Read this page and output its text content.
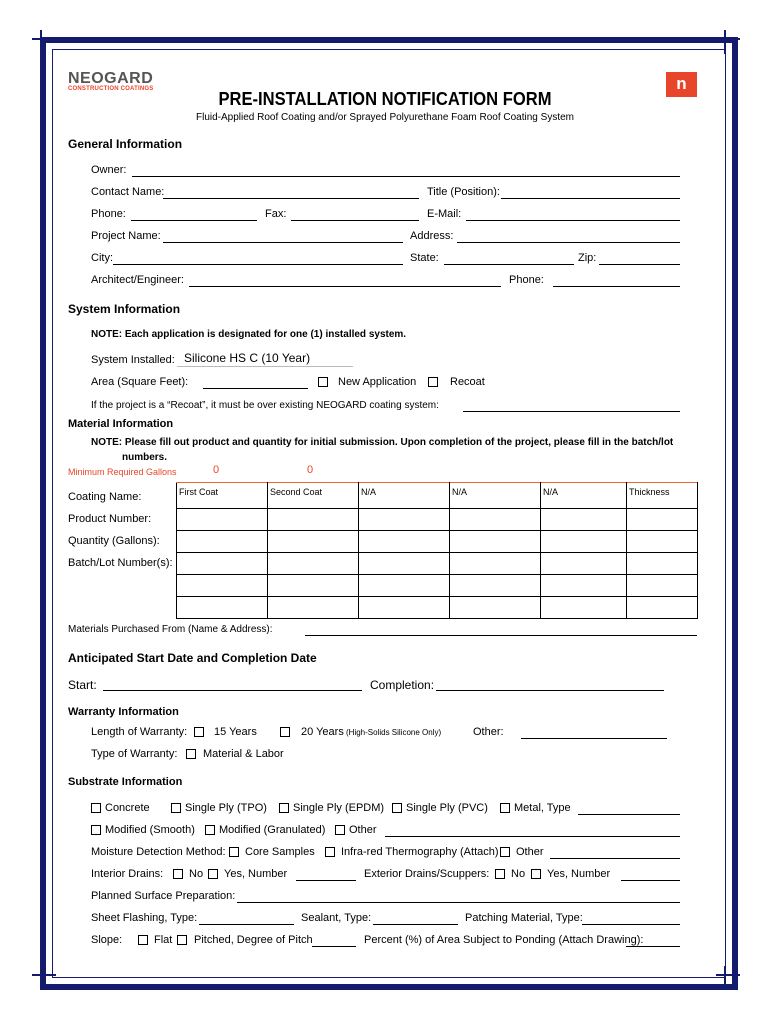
NEOGARD
CONSTRUCTION COATINGS	n
PRE-INSTALLATION NOTIFICATION FORM
Fluid-Applied Roof Coating and/or Sprayed Polyurethane Foam Roof Coating System
General Information
Owner:
Contact Name:	Title (Position):
Phone:	Fax:	E-Mail:
Project Name:	Address:
City:	State:	Zip:
Architect/Engineer:	Phone:
System Information
NOTE: Each application is designated for one (1) installed system.
System Installed: Silicone HS C (10 Year)
Area (Square Feet):	New Application	Recoat
If the project is a “Recoat”, it must be over existing NEOGARD coating system:
Material Information
NOTE: Please fill out product and quantity for initial submission. Upon completion of the project, please fill in the batch/lot
numbers.
Minimum Required Gallons	0	0
Coating Name:
Product Number:
Quantity (Gallons):
Batch/Lot Number(s):
First Coat	Second Coat	N/A	N/A	N/A	Thickness

Materials Purchased From (Name & Address):
Anticipated Start Date and Completion Date
Start:	Completion:
Warranty Information
Length of Warranty: 15 Years	20 Years (High-Solids Silicone Only)	Other:
Type of Warranty: Material & Labor
Substrate Information
Concrete	Single Ply (TPO) Single Ply (EPDM) Single Ply (PVC) Metal, Type
Modified (Smooth) Modified (Granulated) Other
Moisture Detection Method: Core Samples Infra-red Thermography (Attach) Other
Interior Drains: No Yes, Number	Exterior Drains/Scuppers: No Yes, Number
Planned Surface Preparation:
Sheet Flashing, Type:	Sealant, Type:	Patching Material, Type:
Slope:	Flat Pitched, Degree of Pitch	Percent (%) of Area Subject to Ponding (Attach Drawing):
